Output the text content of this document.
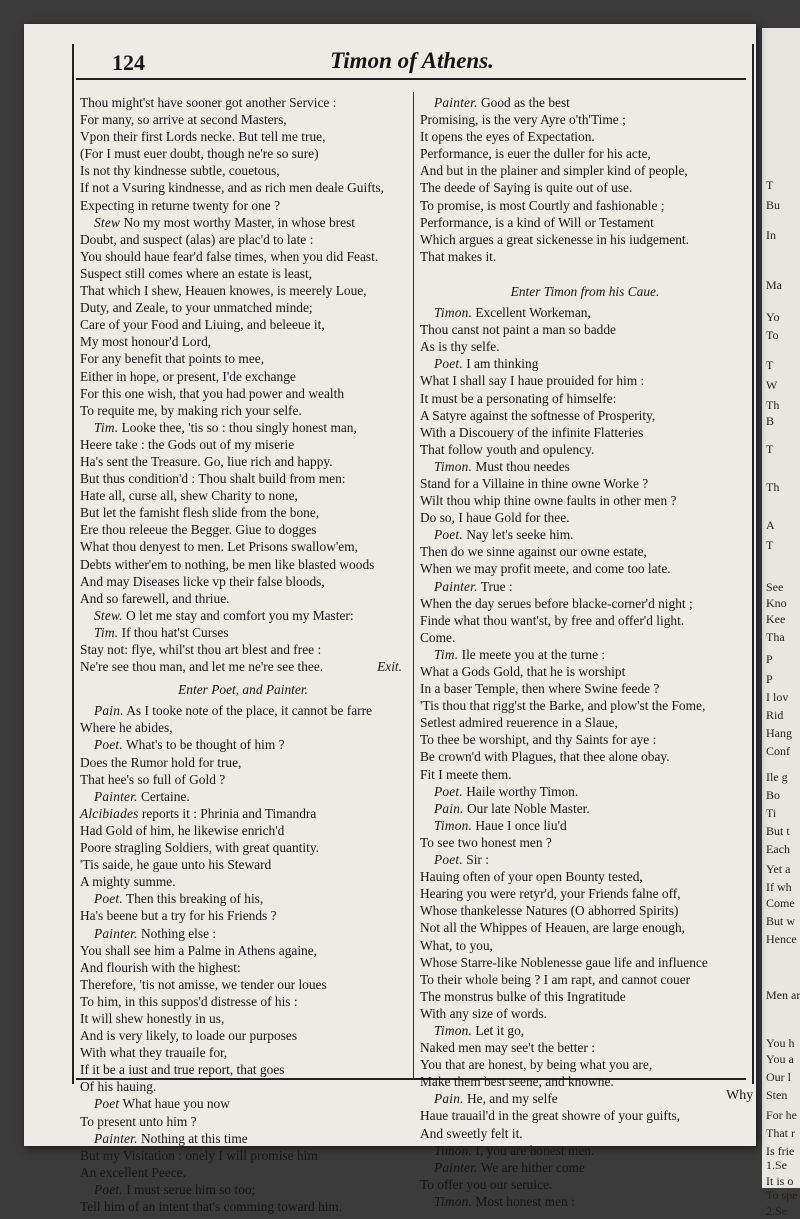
T
Bu
In
Ma
Yo
To
T
W
Th
B
T
Th
A
T
See
Kno
Kee
Tha
P
P
I lov
Rid
Hang
Conf
Ile g
Bo
Ti
But t
Each
Yet a
If wh
Come
But w
Hence
You h
You a
Our l
Sten
For he
That r
Is frie
1.Se
It is o
To spe
2.Se
Men ar
124	Timon of Athens.
Thou might'st have sooner got another Service :
For many, so arrive at second Masters,
Vpon their first Lords necke. But tell me true,
(For I must euer doubt, though ne're so sure)
Is not thy kindnesse subtle, couetous,
If not a Vsuring kindnesse, and as rich men deale Guifts,
Expecting in returne twenty for one ?
Stew No my most worthy Master, in whose brest
Doubt, and suspect (alas) are plac'd to late :
You should haue fear'd false times, when you did Feast.
Suspect still comes where an estate is least,
That which I shew, Heauen knowes, is meerely Loue,
Duty, and Zeale, to your unmatched minde;
Care of your Food and Liuing, and beleeue it,
My most honour'd Lord,
For any benefit that points to mee,
Either in hope, or present, I'de exchange
For this one wish, that you had power and wealth
To requite me, by making rich your selfe.
Tim. Looke thee, 'tis so : thou singly honest man,
Heere take : the Gods out of my miserie
Ha's sent the Treasure. Go, liue rich and happy.
But thus condition'd : Thou shalt build from men:
Hate all, curse all, shew Charity to none,
But let the famisht flesh slide from the bone,
Ere thou releeue the Begger. Giue to dogges
What thou denyest to men. Let Prisons swallow'em,
Debts wither'em to nothing, be men like blasted woods
And may Diseases licke vp their false bloods,
And so farewell, and thriue.
Stew. O let me stay and comfort you my Master:
Tim. If thou hat'st Curses
Stay not: flye, whil'st thou art blest and free :
Ne're see thou man, and let me ne're see thee.	Exit.
Enter Poet, and Painter.
Pain. As I tooke note of the place, it cannot be farre
Where he abides,
Poet. What's to be thought of him ?
Does the Rumor hold for true,
That hee's so full of Gold ?
Painter. Certaine.
Alcibiades reports it : Phrinia and Timandra
Had Gold of him, he likewise enrich'd
Poore stragling Soldiers, with great quantity.
'Tis saide, he gaue unto his Steward
A mighty summe.
Poet. Then this breaking of his,
Ha's beene but a try for his Friends ?
Painter. Nothing else :
You shall see him a Palme in Athens againe,
And flourish with the highest:
Therefore, 'tis not amisse, we tender our loues
To him, in this suppos'd distresse of his :
It will shew honestly in us,
And is very likely, to loade our purposes
With what they trauaile for,
If it be a iust and true report, that goes
Of his hauing.
Poet What haue you now
To present unto him ?
Painter. Nothing at this time
But my Visitation : onely I will promise him
An excellent Peece.
Poet. I must serue him so too;
Tell him of an intent that's comming toward him.
Painter. Good as the best
Promising, is the very Ayre o'th'Time ;
It opens the eyes of Expectation.
Performance, is euer the duller for his acte,
And but in the plainer and simpler kind of people,
The deede of Saying is quite out of use.
To promise, is most Courtly and fashionable ;
Performance, is a kind of Will or Testament
Which argues a great sickenesse in his iudgement.
That makes it.
Enter Timon from his Caue.
Timon. Excellent Workeman,
Thou canst not paint a man so badde
As is thy selfe.
Poet. I am thinking
What I shall say I haue prouided for him :
It must be a personating of himselfe:
A Satyre against the softnesse of Prosperity,
With a Discouery of the infinite Flatteries
That follow youth and opulency.
Timon. Must thou needes
Stand for a Villaine in thine owne Worke ?
Wilt thou whip thine owne faults in other men ?
Do so, I haue Gold for thee.
Poet. Nay let's seeke him.
Then do we sinne against our owne estate,
When we may profit meete, and come too late.
Painter. True :
When the day serues before blacke-corner'd night ;
Finde what thou want'st, by free and offer'd light.
Come.
Tim. Ile meete you at the turne :
What a Gods Gold, that he is worshipt
In a baser Temple, then where Swine feede ?
'Tis thou that rigg'st the Barke, and plow'st the Fome,
Setlest admired reuerence in a Slaue,
To thee be worshipt, and thy Saints for aye :
Be crown'd with Plagues, that thee alone obay.
Fit I meete them.
Poet. Haile worthy Timon.
Pain. Our late Noble Master.
Timon. Haue I once liu'd
To see two honest men ?
Poet. Sir :
Hauing often of your open Bounty tested,
Hearing you were retyr'd, your Friends falne off,
Whose thankelesse Natures (O abhorred Spirits)
Not all the Whippes of Heauen, are large enough,
What, to you,
Whose Starre-like Noblenesse gaue life and influence
To their whole being ? I am rapt, and cannot couer
The monstrus bulke of this Ingratitude
With any size of words.
Timon. Let it go,
Naked men may see't the better :
You that are honest, by being what you are,
Make them best seene, and knowne.
Pain. He, and my selfe
Haue trauail'd in the great showre of your guifts,
And sweetly felt it.
Timon. I, you are honest men.
Painter. We are hither come
To offer you our seruice.
Timon. Most honest men :
Why
